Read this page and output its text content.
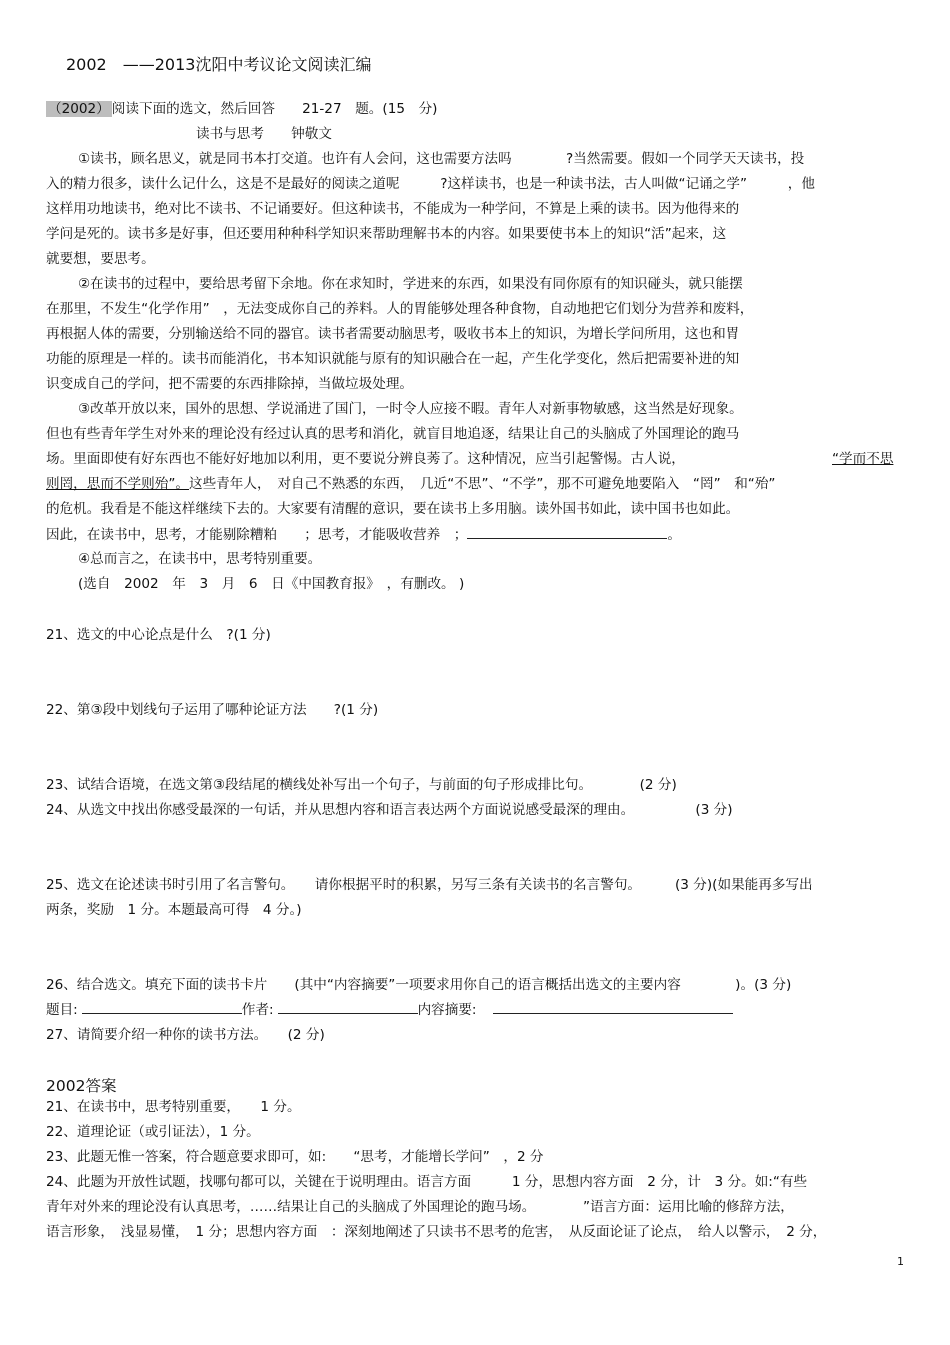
2002　——2013沈阳中考议论文阅读汇编
（2002） 阅读下面的选文，然后回答　　21-27　题。(15　分)
读书与思考　　钟敬文
①读书，顾名思义，就是同书本打交道。也许有人会问，这也需要方法吗　　　　?当然需要。假如一个同学天天读书，投
入的精力很多，读什么记什么，这是不是最好的阅读之道呢　　　?这样读书，也是一种读书法，古人叫做“记诵之学”　　　，他
这样用功地读书，绝对比不读书、不记诵要好。但这种读书，不能成为一种学问，不算是上乘的读书。因为他得来的
学问是死的。读书多是好事，但还要用种种科学知识来帮助理解书本的内容。如果要使书本上的知识“活”起来，这
就要想，要思考。
②在读书的过程中，要给思考留下余地。你在求知时，学进来的东西，如果没有同你原有的知识碰头，就只能摆
在那里，不发生“化学作用”　，无法变成你自己的养料。人的胃能够处理各种食物，自动地把它们划分为营养和废料，
再根据人体的需要，分别输送给不同的器官。读书者需要动脑思考，吸收书本上的知识，为增长学问所用，这也和胃
功能的原理是一样的。读书而能消化，书本知识就能与原有的知识融合在一起，产生化学变化，然后把需要补进的知
识变成自己的学问，把不需要的东西排除掉，当做垃圾处理。
③改革开放以来，国外的思想、学说涌进了国门，一时令人应接不暇。青年人对新事物敏感，这当然是好现象。
但也有些青年学生对外来的理论没有经过认真的思考和消化，就盲目地追逐，结果让自己的头脑成了外国理论的跑马
场。里面即使有好东西也不能好好地加以利用，更不要说分辨良莠了。这种情况，应当引起警惕。古人说，	“学而不思
则罔，思而不学则殆”。这些青年人，　对自己不熟悉的东西，　几近“不思”、“不学”，那不可避免地要陷入　“罔”　和“殆”
的危机。我看是不能这样继续下去的。大家要有清醒的意识，要在读书上多用脑。读外国书如此，读中国书也如此。
因此，在读书中，思考，才能剔除糟粕　　；思考，才能吸收营养　；	。
④总而言之，在读书中，思考特别重要。
(选自　2002　年　3　月　6　日《中国教育报》　，有删改。 )
21、选文的中心论点是什么　?(1 分)
22、第③段中划线句子运用了哪种论证方法　　?(1 分)
23、试结合语境，在选文第③段结尾的横线处补写出一个句子，与前面的句子形成排比句。　　　　(2 分)
24、从选文中找出你感受最深的一句话，并从思想内容和语言表达两个方面说说感受最深的理由。　　　　　(3 分)
25、选文在论述读书时引用了名言警句。　　请你根据平时的积累，另写三条有关读书的名言警句。　　　(3 分)(如果能再多写出
两条，奖励　1 分。本题最高可得　4 分。)
26、结合选文。填充下面的读书卡片　　(其中“内容摘要”一项要求用你自己的语言概括出选文的主要内容　　　　)。(3 分)
题目:	作者:	内容摘要:
27、请简要介绍一种你的读书方法。　　(2 分)
2002答案
21、在读书中，思考特别重要，　　1 分。
22、道理论证（或引证法），1 分。
23、此题无惟一答案，符合题意要求即可，如:　　“思考，才能增长学问”　，2 分
24、此题为开放性试题，找哪句都可以，关键在于说明理由。语言方面　　　1 分，思想内容方面　2 分，计　3 分。如:“有些
青年对外来的理论没有认真思考，……结果让自己的头脑成了外国理论的跑马场。　　　　”语言方面：运用比喻的修辞方法，
语言形象，　浅显易懂，　1 分；思想内容方面　：深刻地阐述了只读书不思考的危害，　从反面论证了论点，　给人以警示，　2 分，
1
